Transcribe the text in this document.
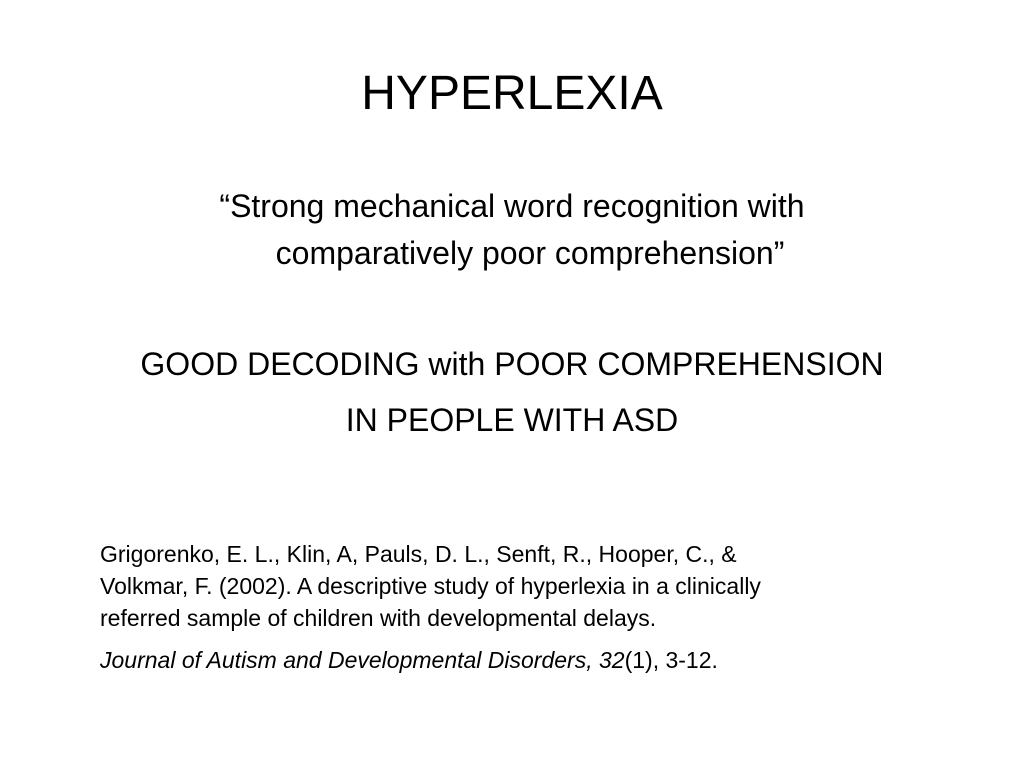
HYPERLEXIA
“Strong mechanical word recognition with
comparatively poor comprehension”
GOOD DECODING with POOR COMPREHENSION
IN PEOPLE WITH ASD

Grigorenko, E. L., Klin, A, Pauls, D. L., Senft, R., Hooper, C., &

Volkmar, F. (2002). A descriptive study of hyperlexia in a clinically

referred sample of children with developmental delays.

Journal of Autism and Developmental Disorders, 32(1), 3-12.
